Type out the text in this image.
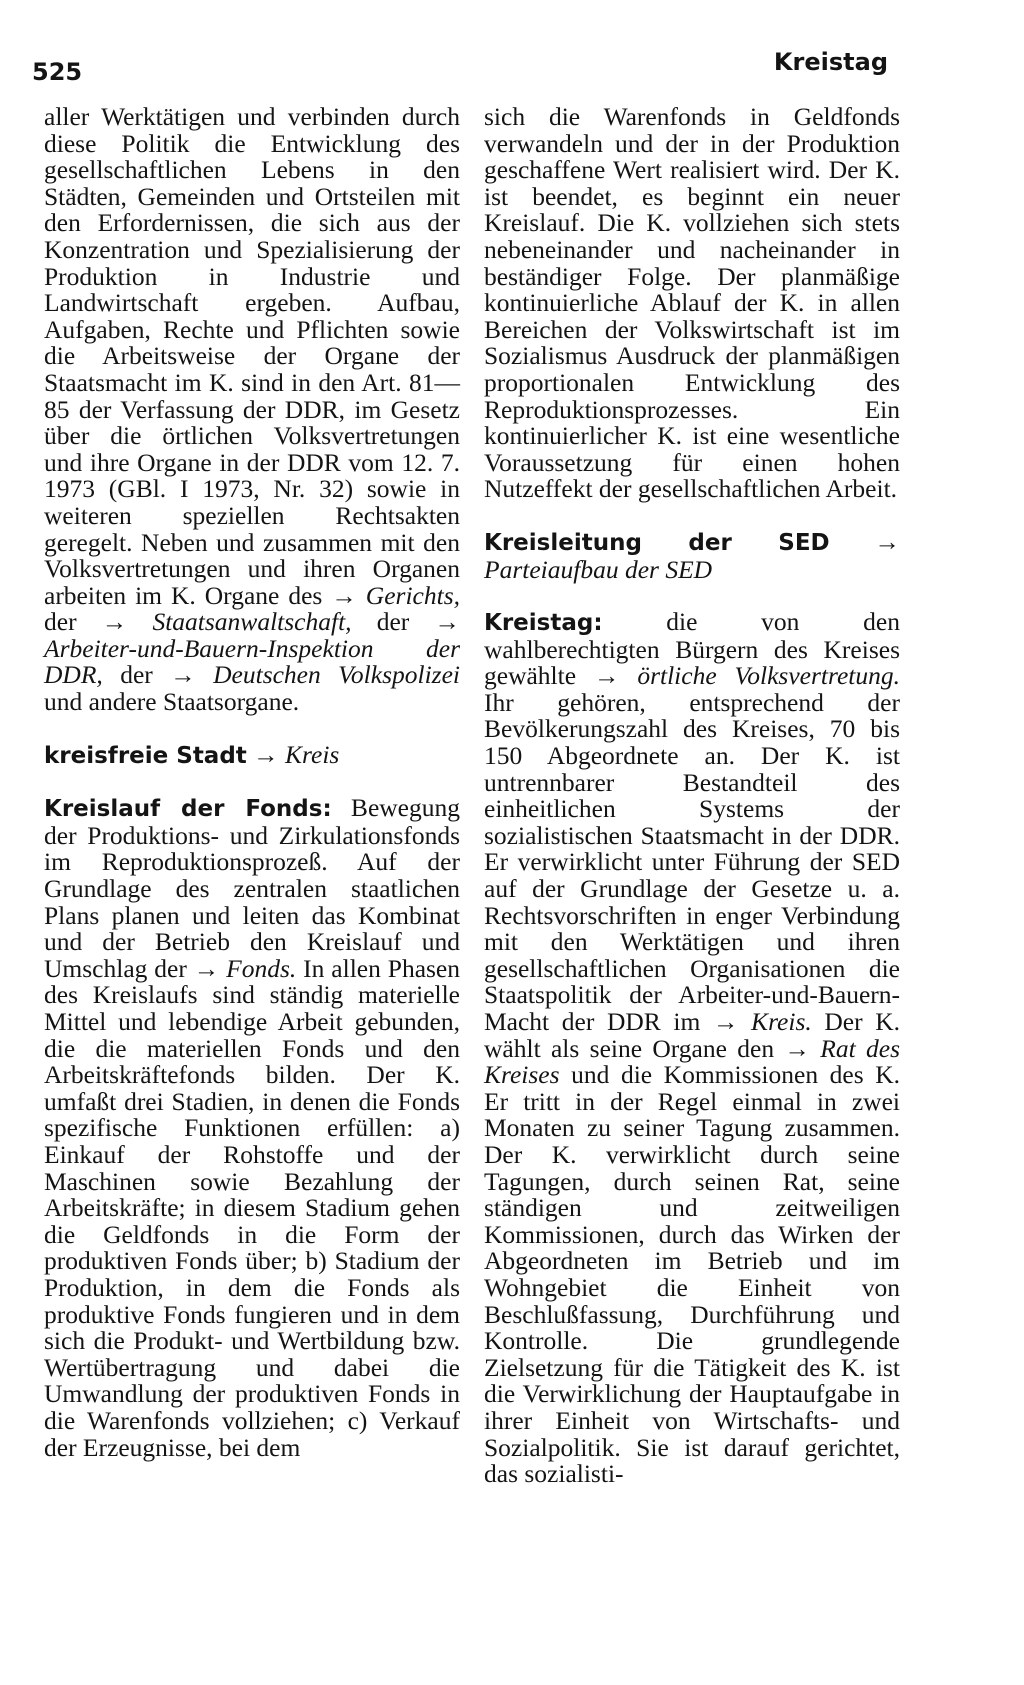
525	Kreistag

aller Werktätigen und verbinden durch diese Politik die Entwicklung des gesellschaftlichen Lebens in den Städten, Gemeinden und Ortsteilen mit den Erfordernissen, die sich aus der Konzentration und Spezialisierung der Produktion in Industrie und Landwirtschaft ergeben. Aufbau, Aufgaben, Rechte und Pflichten sowie die Arbeitsweise der Organe der Staatsmacht im K. sind in den Art. 81—85 der Verfassung der DDR, im Gesetz über die örtlichen Volksvertretungen und ihre Organe in der DDR vom 12. 7. 1973 (GBl. I 1973, Nr. 32) sowie in weiteren speziellen Rechtsakten geregelt. Neben und zusammen mit den Volksvertretungen und ihren Organen arbeiten im K. Organe des → Gerichts, der → Staatsanwaltschaft, der → Arbeiter-und-Bauern-Inspektion der DDR, der → Deutschen Volkspolizei und andere Staatsorgane.

kreisfreie Stadt → Kreis

Kreislauf der Fonds: Bewegung der Produktions- und Zirkulationsfonds im Reproduktionsprozeß. Auf der Grundlage des zentralen staatlichen Plans planen und leiten das Kombinat und der Betrieb den Kreislauf und Umschlag der → Fonds. In allen Phasen des Kreislaufs sind ständig materielle Mittel und lebendige Arbeit gebunden, die die materiellen Fonds und den Arbeitskräftefonds bilden. Der K. umfaßt drei Stadien, in denen die Fonds spezifische Funktionen erfüllen: a) Einkauf der Rohstoffe und der Maschinen sowie Bezahlung der Arbeitskräfte; in diesem Stadium gehen die Geldfonds in die Form der produktiven Fonds über; b) Stadium der Produktion, in dem die Fonds als produktive Fonds fungieren und in dem sich die Produkt- und Wertbildung bzw. Wertübertragung und dabei die Umwandlung der produktiven Fonds in die Warenfonds vollziehen; c) Verkauf der Erzeugnisse, bei dem

sich die Warenfonds in Geldfonds verwandeln und der in der Produktion geschaffene Wert realisiert wird. Der K. ist beendet, es beginnt ein neuer Kreislauf. Die K. vollziehen sich stets nebeneinander und nacheinander in beständiger Folge. Der planmäßige kontinuierliche Ablauf der K. in allen Bereichen der Volkswirtschaft ist im Sozialismus Ausdruck der planmäßigen proportionalen Entwicklung des Reproduktionsprozesses. Ein kontinuierlicher K. ist eine wesentliche Voraussetzung für einen hohen Nutzeffekt der gesellschaftlichen Arbeit.

Kreisleitung der SED → Parteiaufbau der SED

Kreistag: die von den wahlberechtigten Bürgern des Kreises gewählte → örtliche Volksvertretung. Ihr gehören, entsprechend der Bevölkerungszahl des Kreises, 70 bis 150 Abgeordnete an. Der K. ist untrennbarer Bestandteil des einheitlichen Systems der sozialistischen Staatsmacht in der DDR. Er verwirklicht unter Führung der SED auf der Grundlage der Gesetze u. a. Rechtsvorschriften in enger Verbindung mit den Werktätigen und ihren gesellschaftlichen Organisationen die Staatspolitik der Arbeiter-und-Bauern-Macht der DDR im → Kreis. Der K. wählt als seine Organe den → Rat des Kreises und die Kommissionen des K. Er tritt in der Regel einmal in zwei Monaten zu seiner Tagung zusammen. Der K. verwirklicht durch seine Tagungen, durch seinen Rat, seine ständigen und zeitweiligen Kommissionen, durch das Wirken der Abgeordneten im Betrieb und im Wohngebiet die Einheit von Beschlußfassung, Durchführung und Kontrolle. Die grundlegende Zielsetzung für die Tätigkeit des K. ist die Verwirklichung der Hauptaufgabe in ihrer Einheit von Wirtschafts- und Sozialpolitik. Sie ist darauf gerichtet, das sozialisti-
